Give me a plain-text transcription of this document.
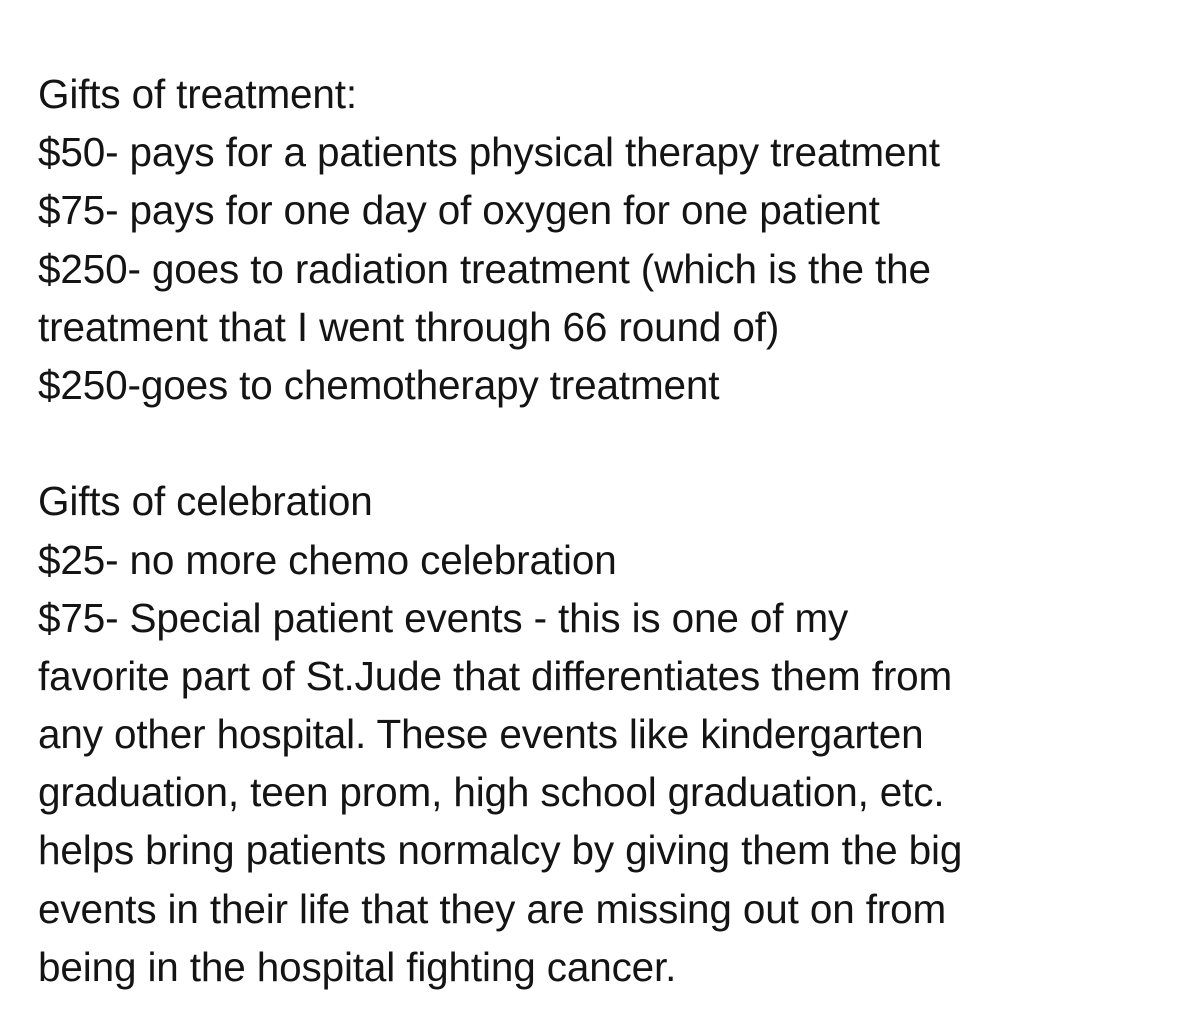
Gifts of treatment:
$50- pays for a patients physical therapy treatment
$75- pays for one day of oxygen for one patient
$250- goes to radiation treatment (which is the the
treatment that I went through 66 round of)
$250-goes to chemotherapy treatment
Gifts of celebration
$25- no more chemo celebration
$75- Special patient events - this is one of my
favorite part of St.Jude that differentiates them from
any other hospital. These events like kindergarten
graduation, teen prom, high school graduation, etc.
helps bring patients normalcy by giving them the big
events in their life that they are missing out on from
being in the hospital fighting cancer.
